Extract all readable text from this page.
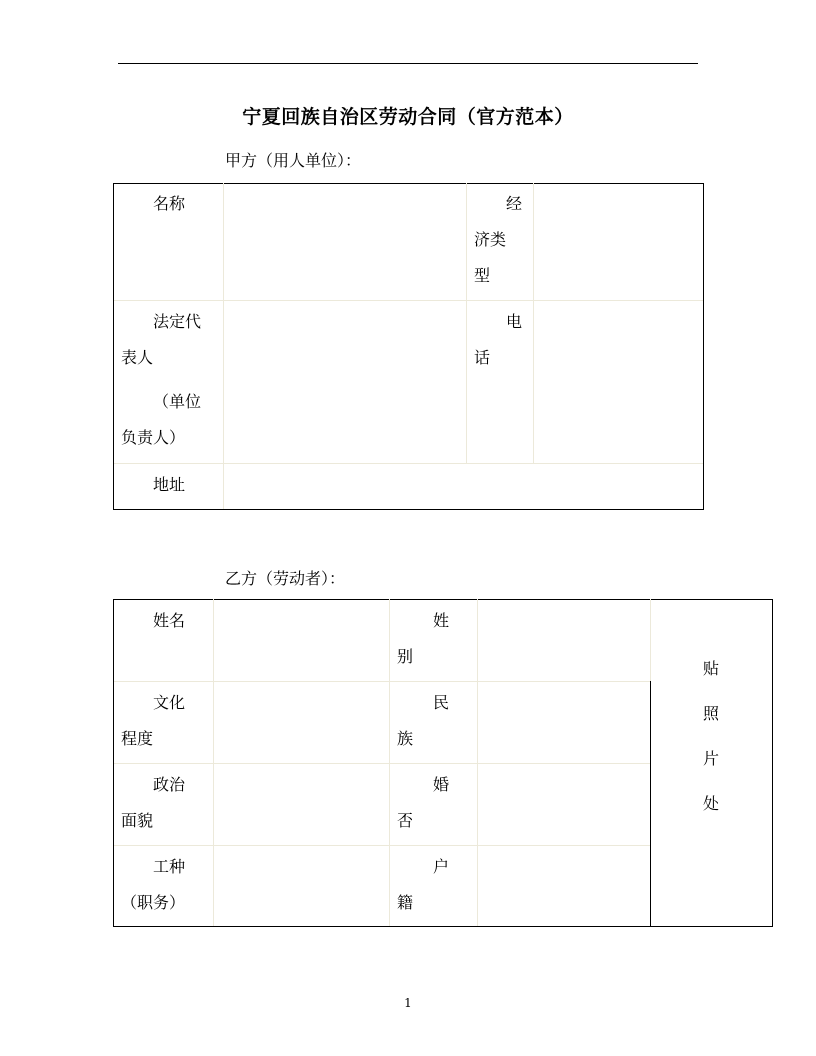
宁夏回族自治区劳动合同（官方范本）
甲方（用人单位）：
名称	经
济类
型
法定代
表人
（单位
负责人）
电
话
地址
乙方（劳动者）：
姓名	姓
别
文化
程度
民
族
政治
面貌
婚
否
工种
（职务）
户
籍
贴
照
片
处
1
